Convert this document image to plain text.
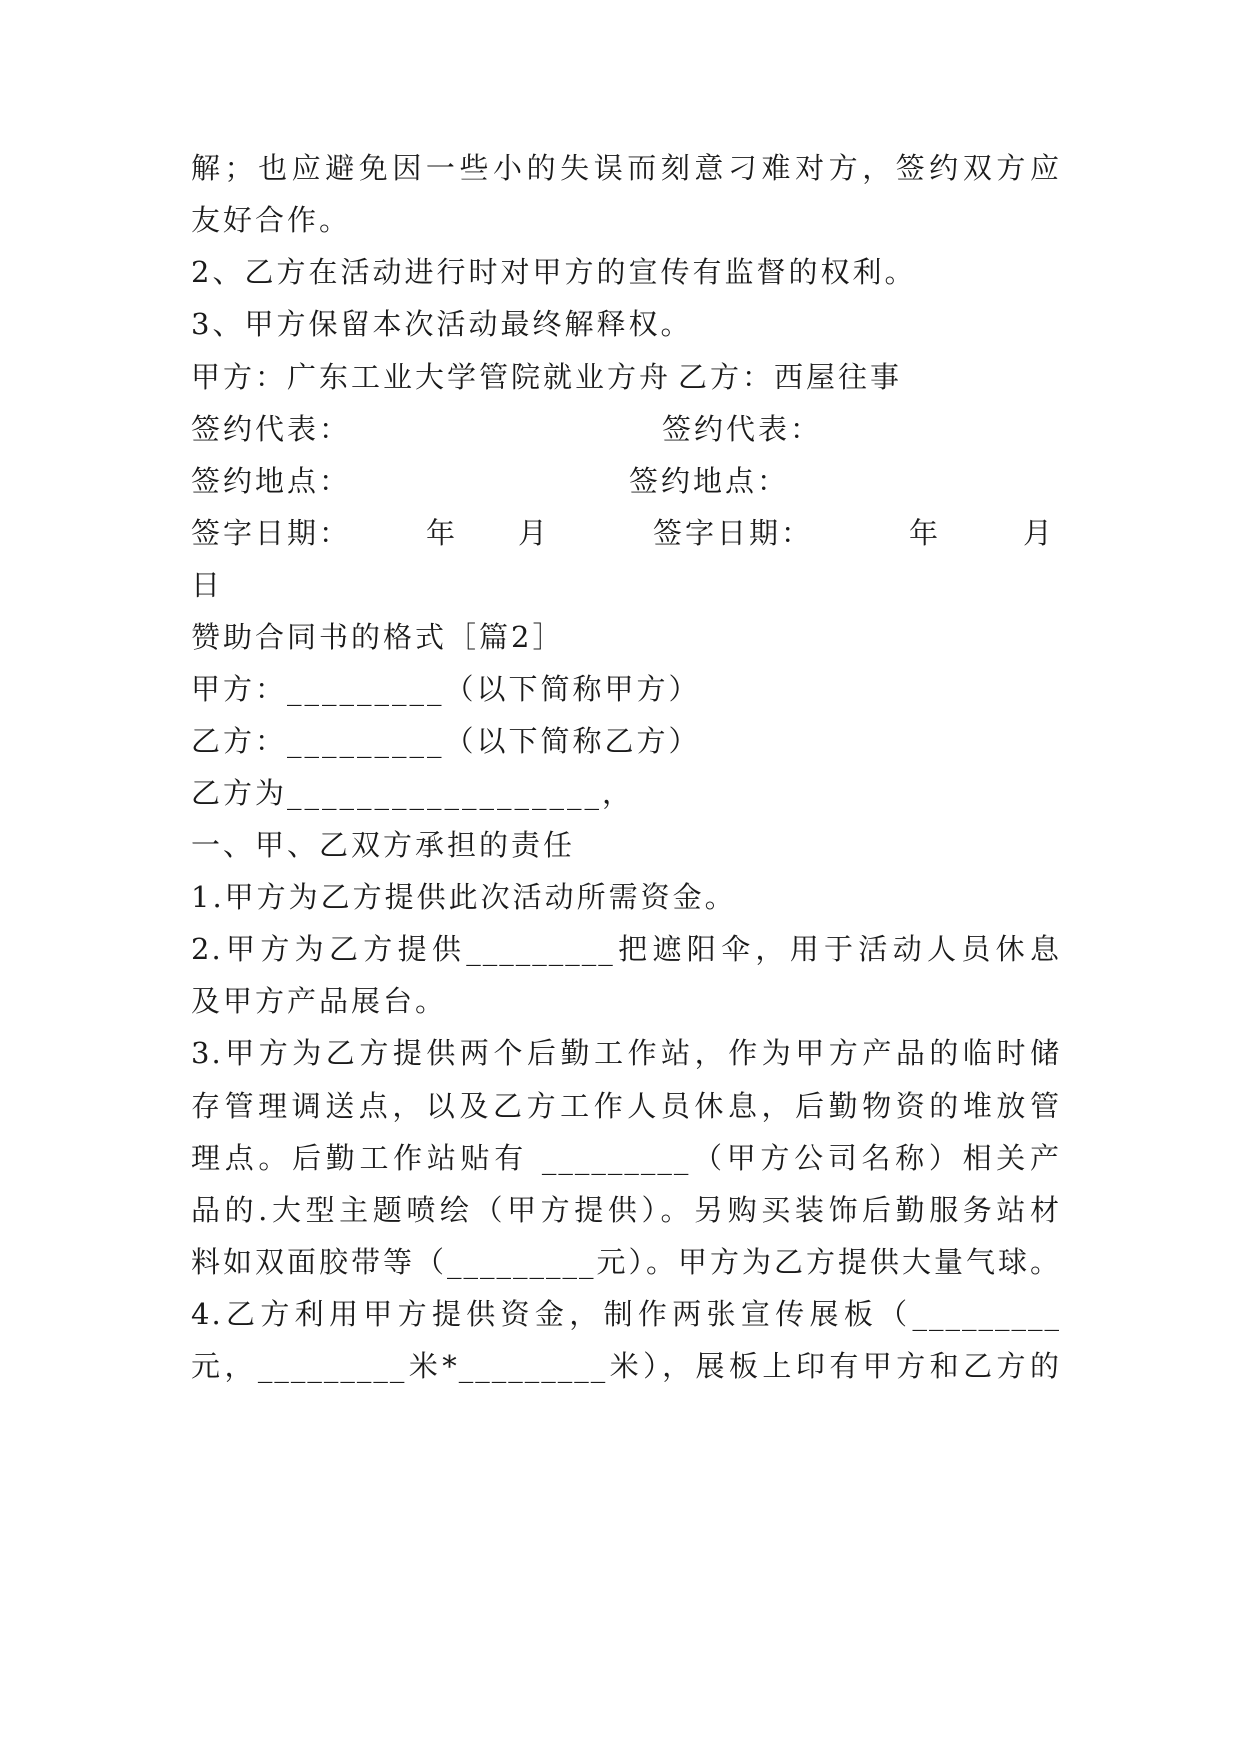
解；也应避免因一些小的失误而刻意刁难对方，签约双方应
友好合作。
2、乙方在活动进行时对甲方的宣传有监督的权利。
3、甲方保留本次活动最终解释权。
甲方：广东工业大学管院就业方舟 乙方：西屋往事
签约代表：	签约代表：
签约地点：	签约地点：
签字日期：	年 月	签字日期：	年	月
日
赞助合同书的格式［篇2］
甲方：_________（以下简称甲方）
乙方：_________（以下简称乙方）
乙方为__________________，
一、甲、乙双方承担的责任
1.甲方为乙方提供此次活动所需资金。
2.甲方为乙方提供_________把遮阳伞，用于活动人员休息
及甲方产品展台。
3.甲方为乙方提供两个后勤工作站，作为甲方产品的临时储
存管理调送点，以及乙方工作人员休息，后勤物资的堆放管
理点。后勤工作站贴有 _________（甲方公司名称）相关产
品的.大型主题喷绘（甲方提供）。另购买装饰后勤服务站材
料如双面胶带等（_________元）。甲方为乙方提供大量气球。
4.乙方利用甲方提供资金，制作两张宣传展板（_________
元，_________米*_________米），展板上印有甲方和乙方的
